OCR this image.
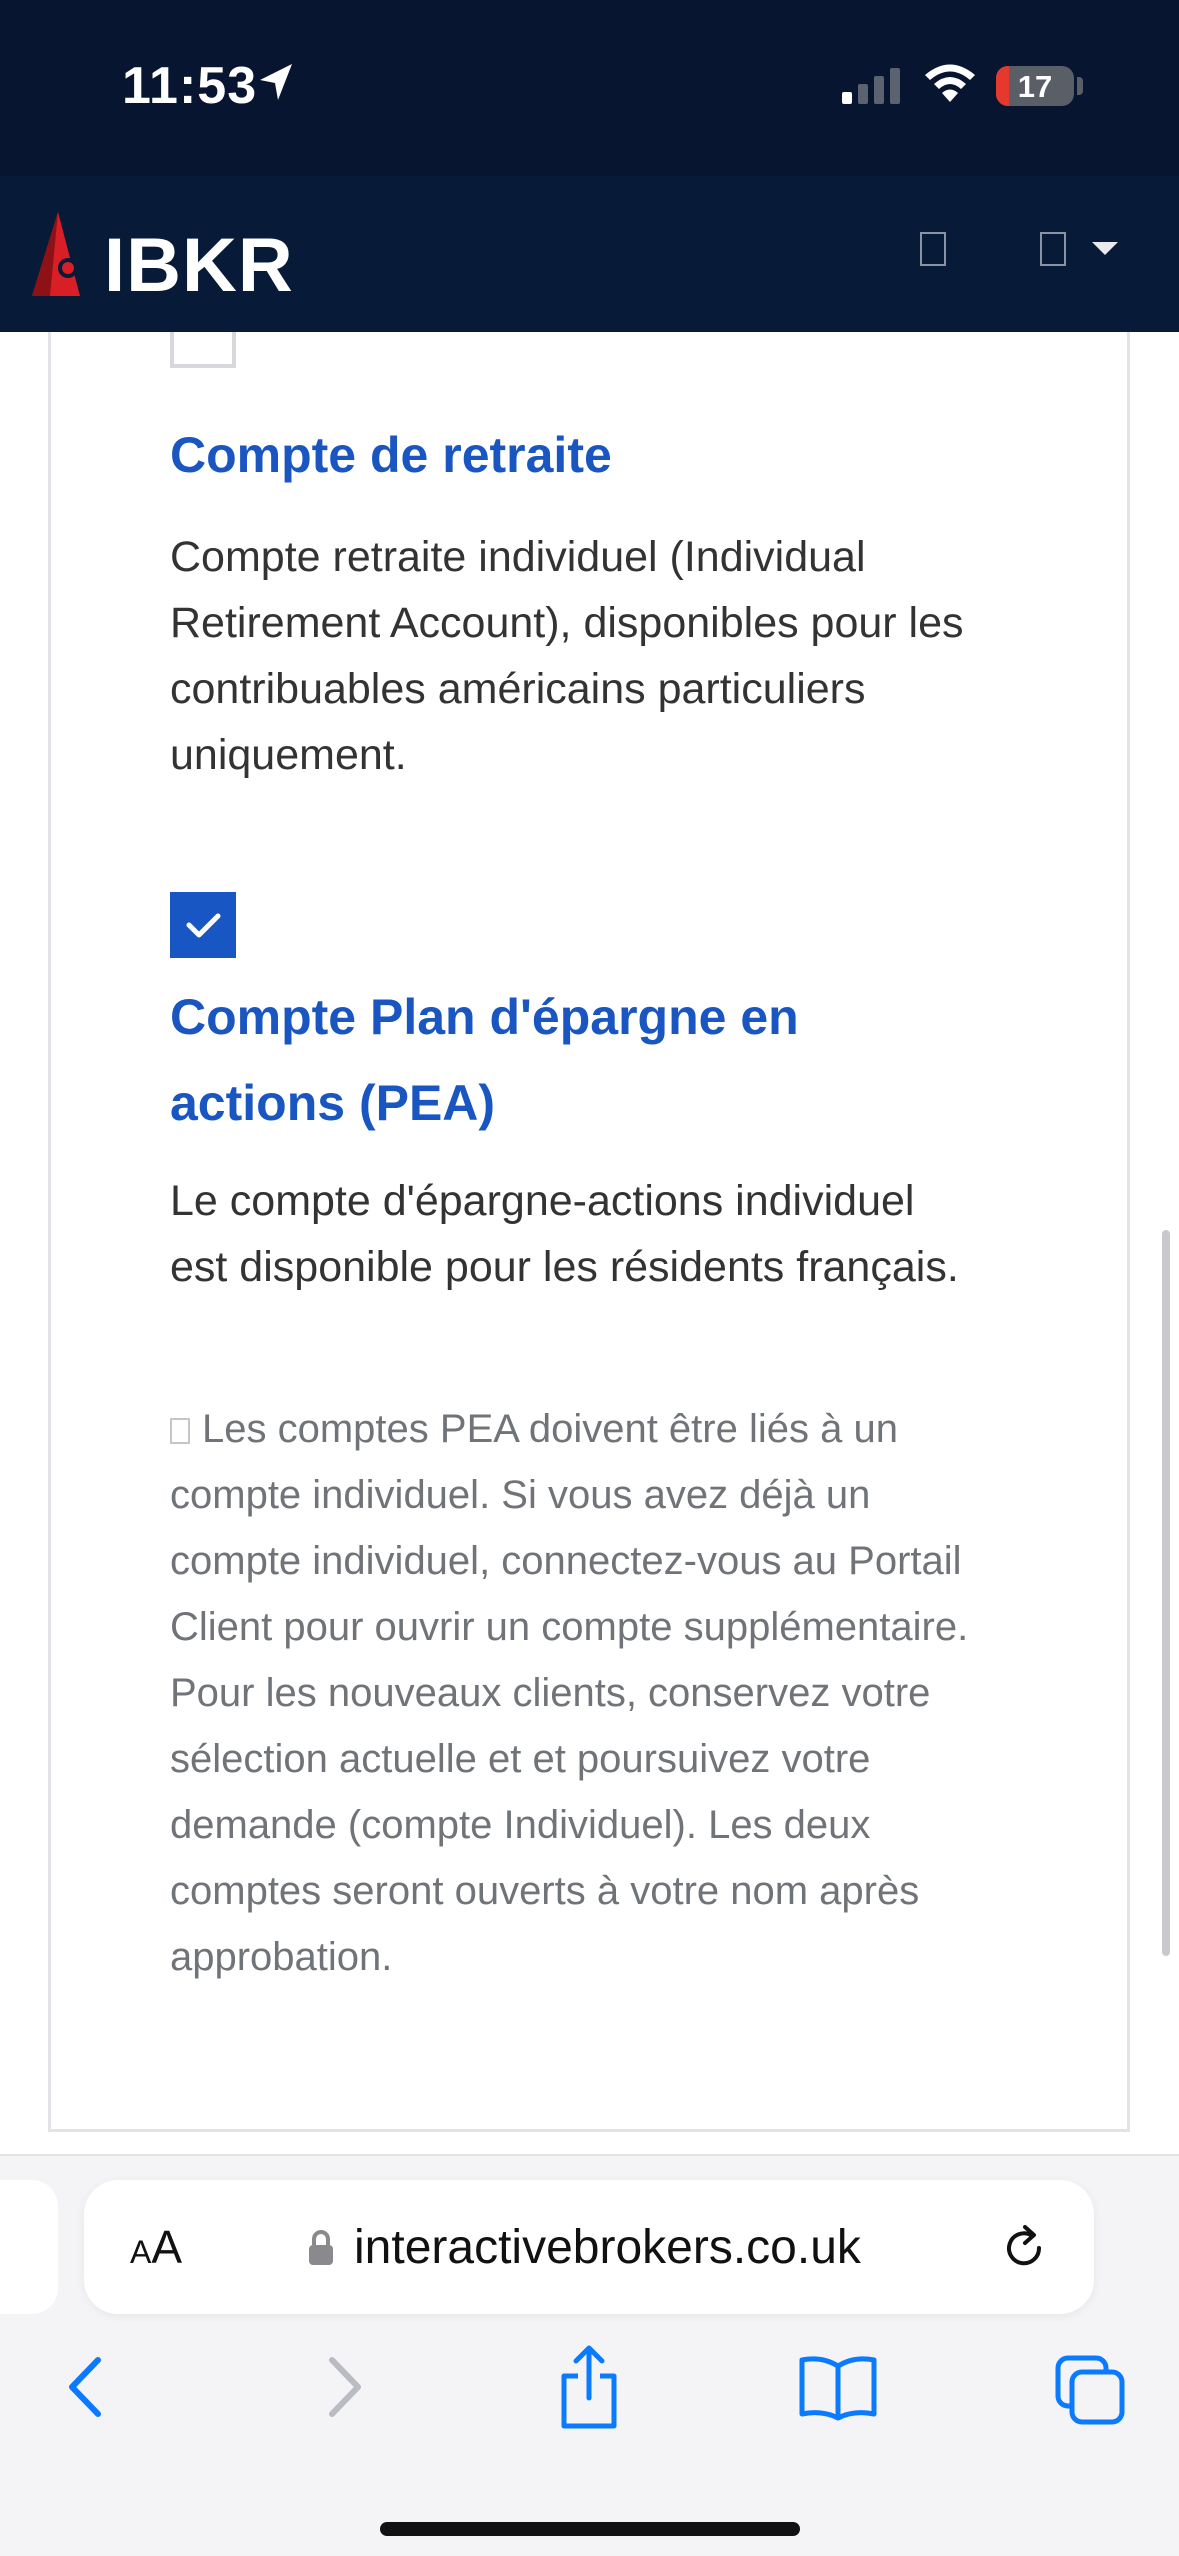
11:53	17
IBKR
Compte de retraite
Compte retraite individuel (Individual Retirement Account), disponibles pour les contribuables américains particuliers uniquement.
Compte Plan d'épargne en
actions (PEA)
Le compte d'épargne-actions individuel est disponible pour les résidents français.
Les comptes PEA doivent être liés à un compte individuel. Si vous avez déjà un compte individuel, connectez-vous au Portail Client pour ouvrir un compte supplémentaire. Pour les nouveaux clients, conservez votre sélection actuelle et et poursuivez votre demande (compte Individuel). Les deux comptes seront ouverts à votre nom après approbation.
AA	interactivebrokers.co.uk
